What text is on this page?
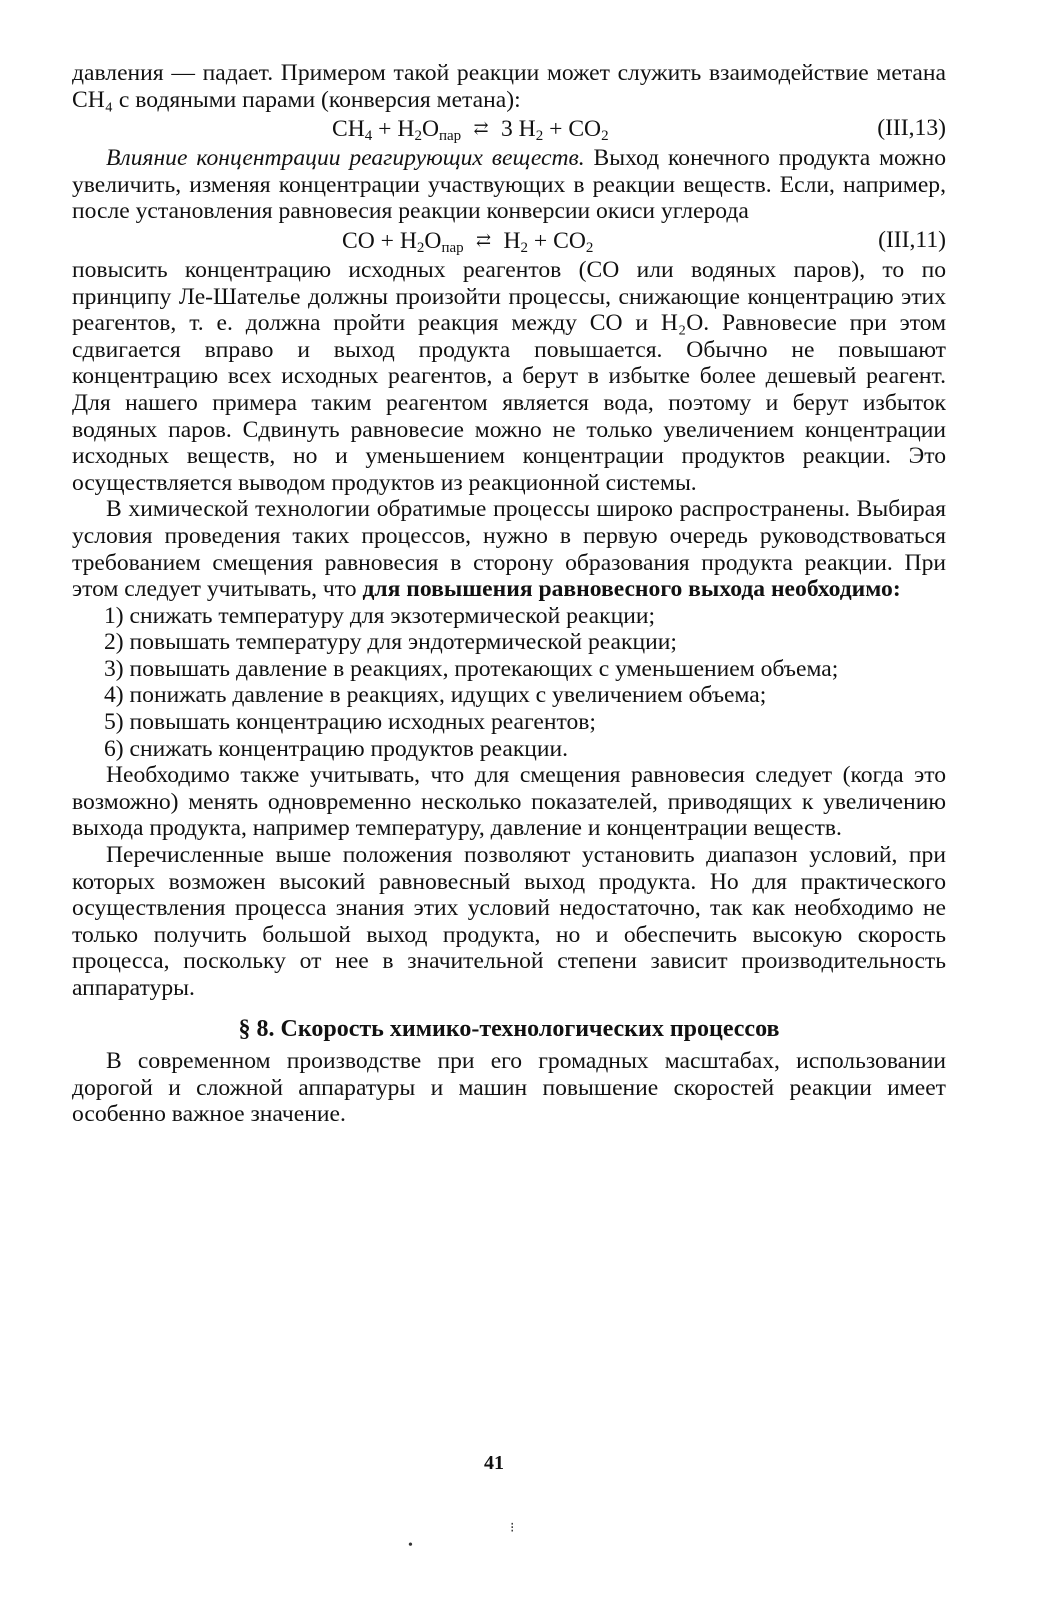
давления — падает. Примером такой реакции может служить взаимодействие метана CH₄ с водяными парами (конверсия метана):

$CH_4 + H_2O_{пар}$ ⇄ 3 $H_2 + CO_2$	(III,13)

Влияние концентрации реагирующих веществ. Выход конечного продукта можно увеличить, изменяя концентрации участвующих в реакции веществ. Если, например, после установления равновесия реакции конверсии окиси углерода

CO + $H_2O_{пар}$ ⇄ $H_2 + CO_2$	(III,11)

повысить концентрацию исходных реагентов (CO или водяных паров), то по принципу Ле-Шателье должны произойти процессы, снижающие концентрацию этих реагентов, т. е. должна пройти реакция между CO и H₂O. Равновесие при этом сдвигается вправо и выход продукта повышается. Обычно не повышают концентрацию всех исходных реагентов, а берут в избытке более дешевый реагент. Для нашего примера таким реагентом является вода, поэтому и берут избыток водяных паров. Сдвинуть равновесие можно не только увеличением концентрации исходных веществ, но и уменьшением концентрации продуктов реакции. Это осуществляется выводом продуктов из реакционной системы.

В химической технологии обратимые процессы широко распространены. Выбирая условия проведения таких процессов, нужно в первую очередь руководствоваться требованием смещения равновесия в сторону образования продукта реакции. При этом следует учитывать, что для повышения равновесного выхода необходимо:

1) снижать температуру для экзотермической реакции;

2) повышать температуру для эндотермической реакции;

3) повышать давление в реакциях, протекающих с уменьшением объема;

4) понижать давление в реакциях, идущих с увеличением объема;

5) повышать концентрацию исходных реагентов;

6) снижать концентрацию продуктов реакции.

Необходимо также учитывать, что для смещения равновесия следует (когда это возможно) менять одновременно несколько показателей, приводящих к увеличению выхода продукта, например температуру, давление и концентрации веществ.

Перечисленные выше положения позволяют установить диапазон условий, при которых возможен высокий равновесный выход продукта. Но для практического осуществления процесса знания этих условий недостаточно, так как необходимо не только получить большой выход продукта, но и обеспечить высокую скорость процесса, поскольку от нее в значительной степени зависит производительность аппаратуры.

§ 8. Скорость химико-технологических процессов

В современном производстве при его громадных масштабах, использовании дорогой и сложной аппаратуры и машин повышение скоростей реакции имеет особенно важное значение.

41
•
⁝
